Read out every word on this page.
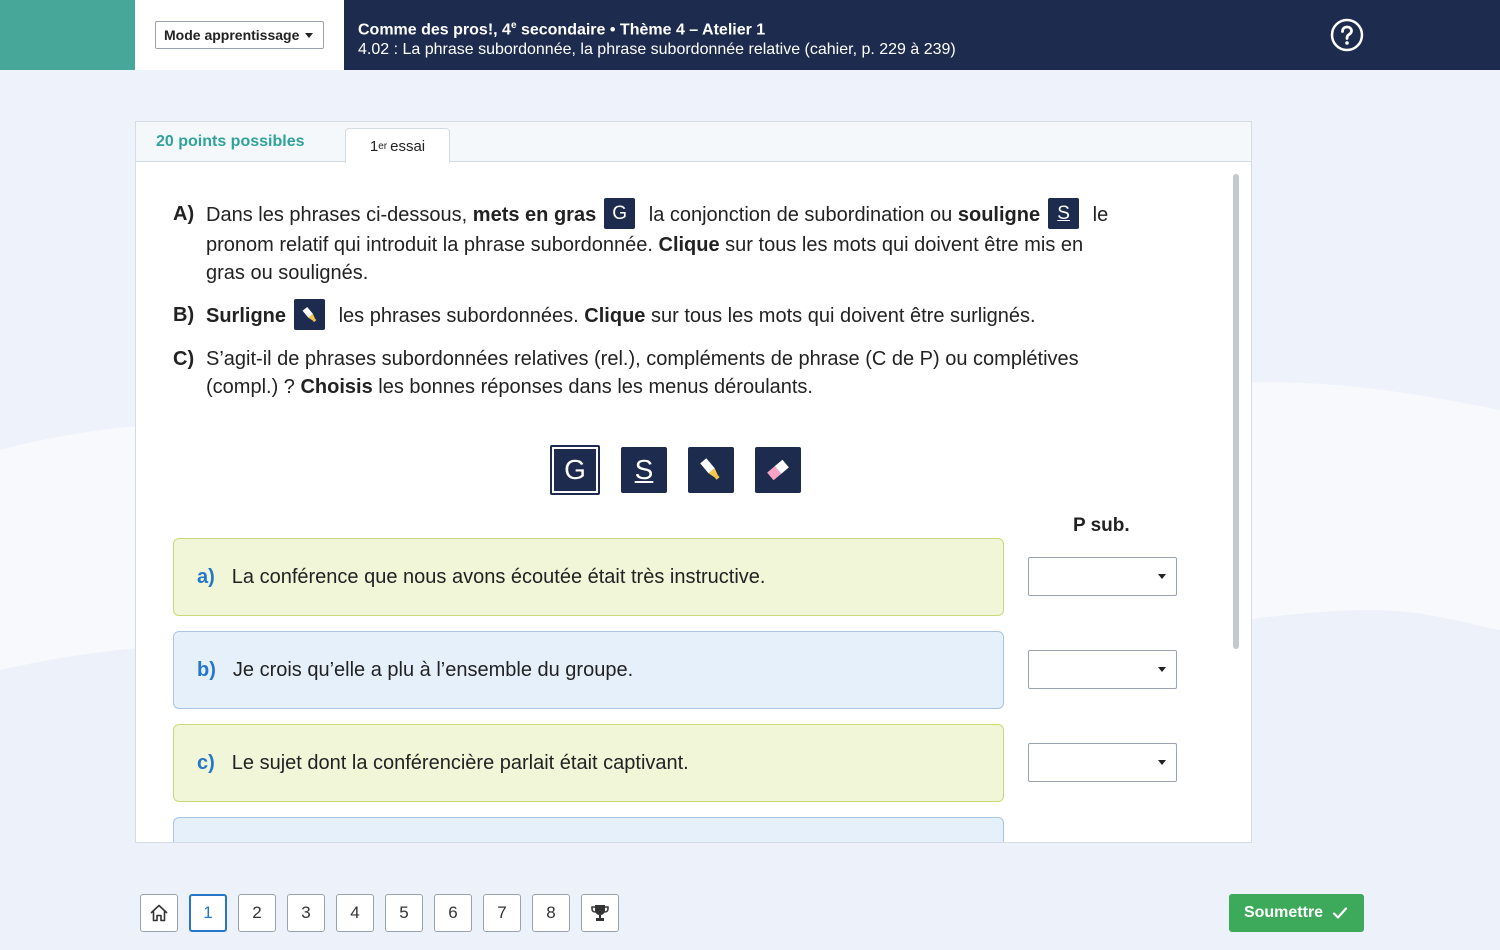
Mode apprentissage	Comme des pros!, 4e secondaire • Thème 4 – Atelier 1
4.02 : La phrase subordonnée, la phrase subordonnée relative (cahier, p. 229 à 239)
20 points possibles	1 er essai
A) Dans les phrases ci-dessous, mets en gras G la conjonction de subordination ou souligne S le pronom relatif qui introduit la phrase subordonnée. Clique sur tous les mots qui doivent être mis en gras ou soulignés.
B) Surligne
les phrases subordonnées. Clique sur tous les mots qui doivent être surlignés.
C) S’agit-il de phrases subordonnées relatives (rel.), compléments de phrase (C de P) ou complétives (compl.) ? Choisis les bonnes réponses dans les menus déroulants.
G S
P sub.
a) La conférence que nous avons écoutée était très instructive.
b) Je crois qu’elle a plu à l’ensemble du groupe.
c) Le sujet dont la conférencière parlait était captivant.
1	2	3	4	5	6	7	8	Soumettre
